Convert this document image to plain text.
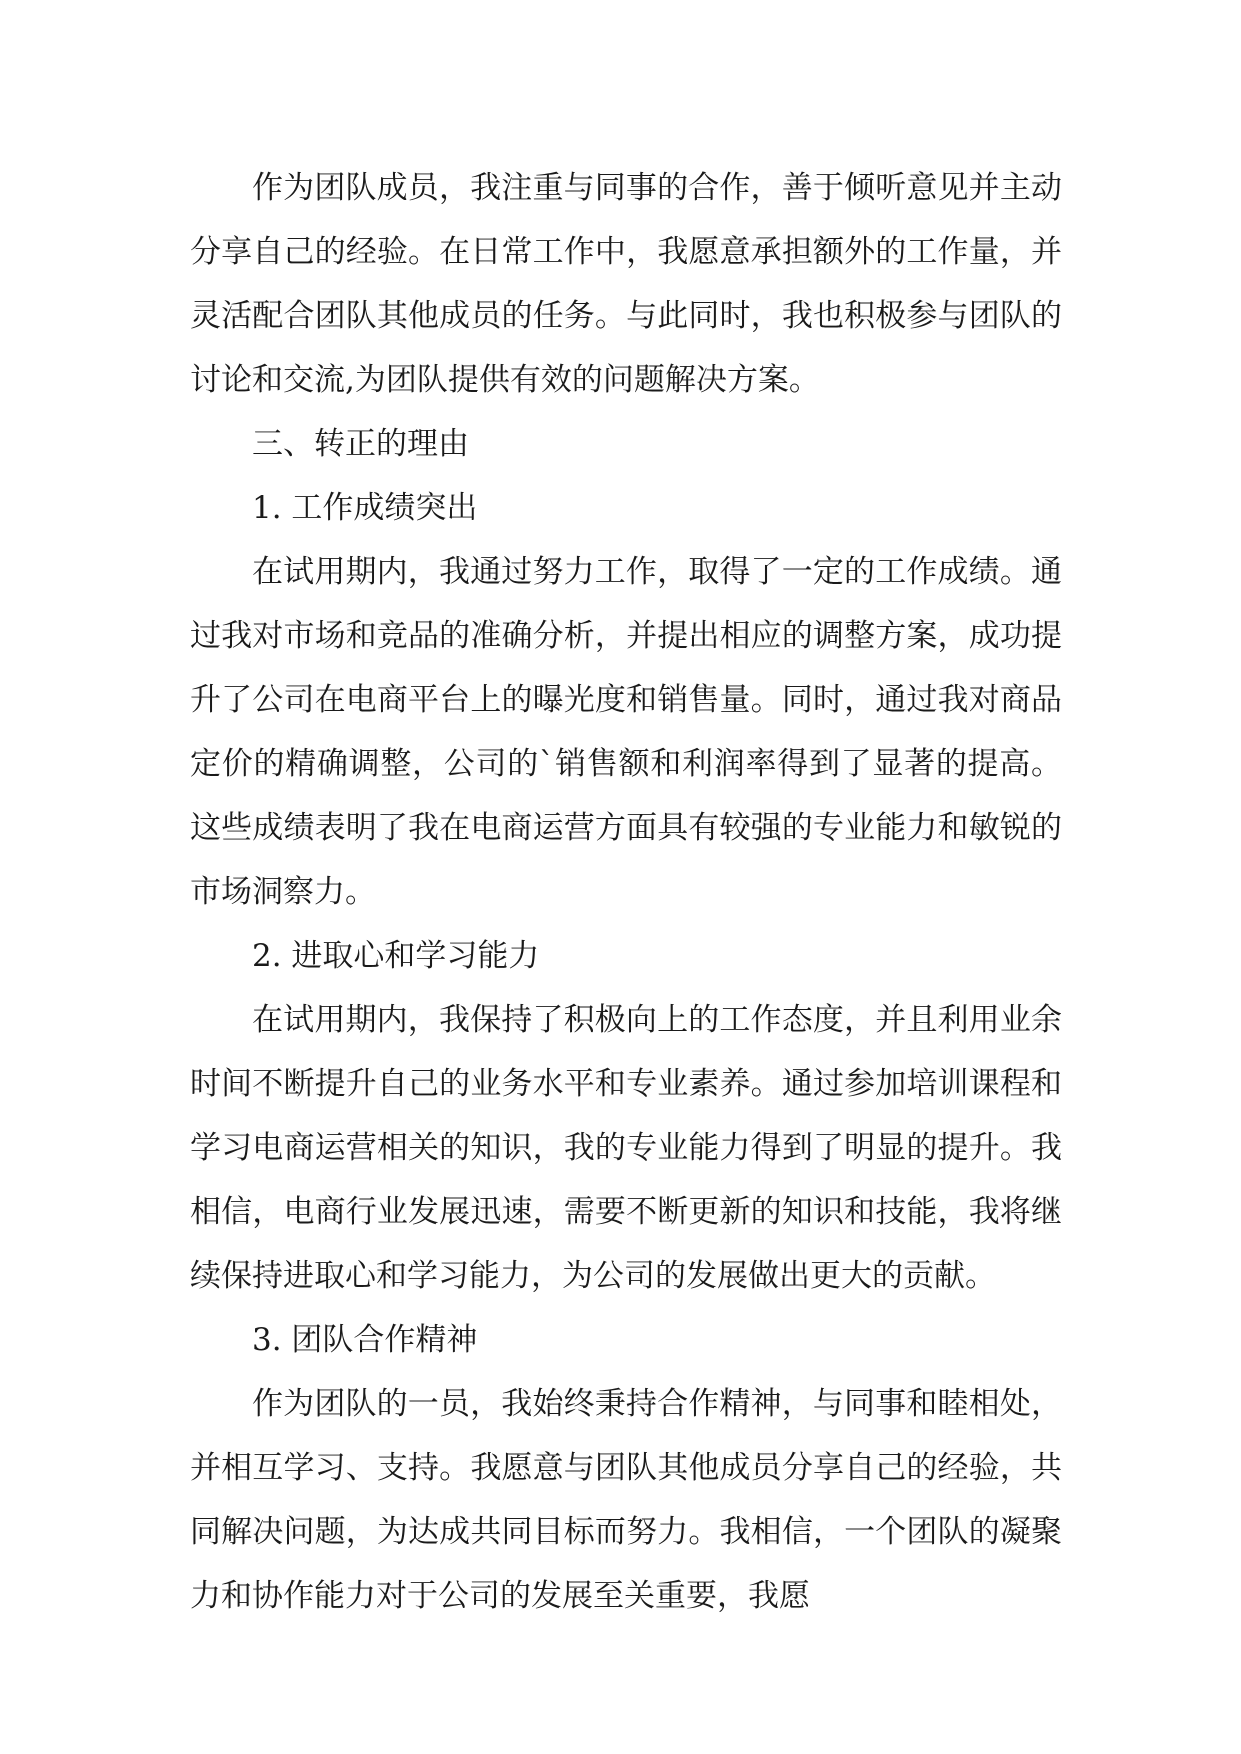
作为团队成员，我注重与同事的合作，善于倾听意见并主动分享自己的经验。在日常工作中，我愿意承担额外的工作量，并灵活配合团队其他成员的任务。与此同时，我也积极参与团队的讨论和交流,为团队提供有效的问题解决方案。

三、转正的理由

1. 工作成绩突出

在试用期内，我通过努力工作，取得了一定的工作成绩。通过我对市场和竞品的准确分析，并提出相应的调整方案，成功提升了公司在电商平台上的曝光度和销售量。同时，通过我对商品定价的精确调整，公司的`销售额和利润率得到了显著的提高。这些成绩表明了我在电商运营方面具有较强的专业能力和敏锐的市场洞察力。

2. 进取心和学习能力

在试用期内，我保持了积极向上的工作态度，并且利用业余时间不断提升自己的业务水平和专业素养。通过参加培训课程和学习电商运营相关的知识，我的专业能力得到了明显的提升。我相信，电商行业发展迅速，需要不断更新的知识和技能，我将继续保持进取心和学习能力，为公司的发展做出更大的贡献。

3. 团队合作精神

作为团队的一员，我始终秉持合作精神，与同事和睦相处，并相互学习、支持。我愿意与团队其他成员分享自己的经验，共同解决问题，为达成共同目标而努力。我相信，一个团队的凝聚力和协作能力对于公司的发展至关重要，我愿
